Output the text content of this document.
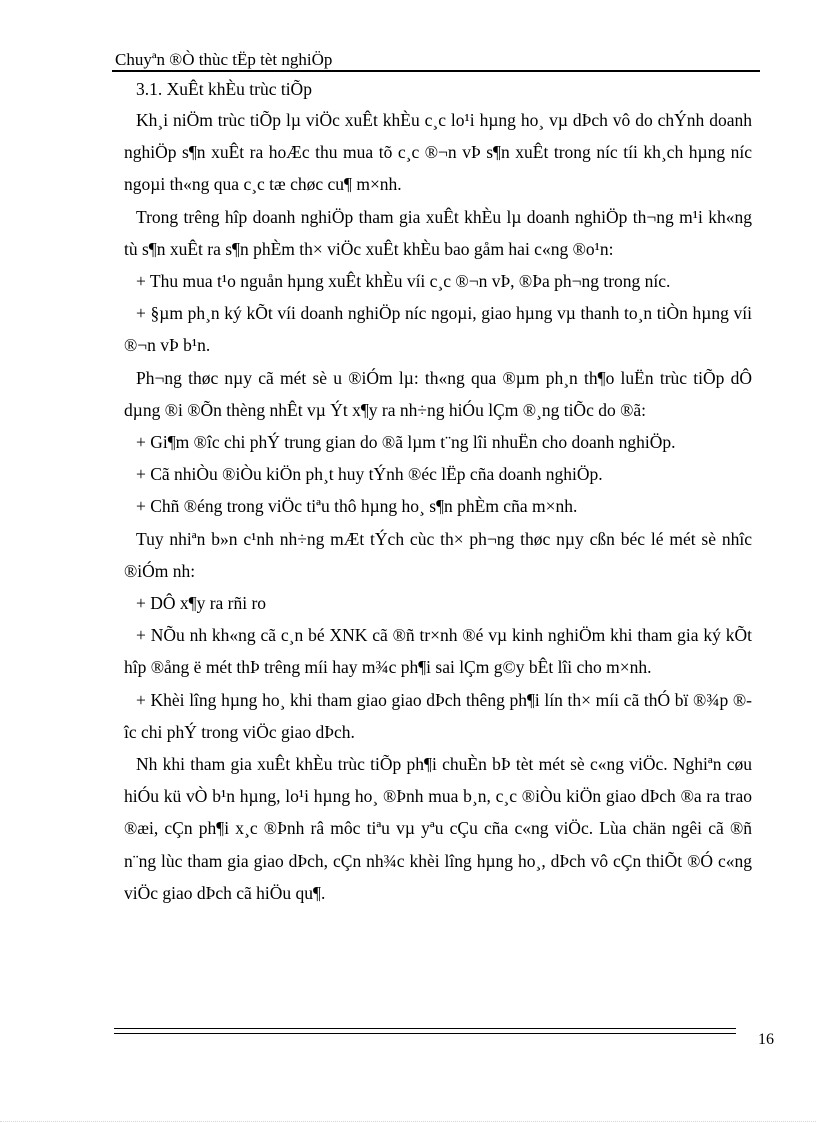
Chuyªn ®Ò thùc tËp tèt nghiÖp
3.1. XuÊt khÈu trùc tiÕp

Kh¸i niÖm trùc tiÕp lµ viÖc xuÊt khÈu c¸c lo¹i hµng ho¸ vµ dÞch vô do chÝnh doanh nghiÖp s¶n xuÊt ra hoÆc thu mua tõ c¸c ®¬n vÞ s¶n xuÊt trong níc tíi kh¸ch hµng níc ngoµi th«ng qua c¸c tæ chøc cu¶ m×nh.

Trong trêng hîp doanh nghiÖp tham gia xuÊt khÈu lµ doanh nghiÖp th¬ng m¹i kh«ng tù s¶n xuÊt ra s¶n phÈm th× viÖc xuÊt khÈu bao gåm hai c«ng ®o¹n:

+ Thu mua t¹o nguån hµng xuÊt khÈu víi c¸c ®¬n vÞ, ®Þa ph¬ng trong níc.

+ §µm ph¸n ký kÕt víi doanh nghiÖp níc ngoµi, giao hµng vµ thanh to¸n tiÒn hµng víi ®¬n vÞ b¹n.

Ph¬ng thøc nµy cã mét sè u ®iÓm lµ: th«ng qua ®µm ph¸n th¶o luËn trùc tiÕp dÔ dµng ®i ®Õn thèng nhÊt vµ Ýt x¶y ra nh÷ng hiÓu lÇm ®¸ng tiÕc do ®ã:

+ Gi¶m ®îc chi phÝ trung gian do ®ã lµm t¨ng lîi nhuËn cho doanh nghiÖp.

+ Cã nhiÒu ®iÒu kiÖn ph¸t huy tÝnh ®éc lËp cña doanh nghiÖp.

+ Chñ ®éng trong viÖc tiªu thô hµng ho¸ s¶n phÈm cña m×nh.

Tuy nhiªn b»n c¹nh nh÷ng mÆt tÝch cùc th× ph¬ng thøc nµy cßn béc lé mét sè nhîc ®iÓm nh:

+ DÔ x¶y ra rñi ro

+ NÕu nh kh«ng cã c¸n bé XNK cã ®ñ tr×nh ®é vµ kinh nghiÖm khi tham gia ký kÕt hîp ®ång ë mét thÞ trêng míi hay m¾c ph¶i sai lÇm g©y bÊt lîi cho m×nh.

+ Khèi lîng hµng ho¸ khi tham giao giao dÞch thêng ph¶i lín th× míi cã thÓ bï ®¾p ®îc chi phÝ trong viÖc giao dÞch.

Nh khi tham gia xuÊt khÈu trùc tiÕp ph¶i chuÈn bÞ tèt mét sè c«ng viÖc. Nghiªn cøu hiÓu kü vÒ b¹n hµng, lo¹i hµng ho¸ ®Þnh mua b¸n, c¸c ®iÒu kiÖn giao dÞch ®a ra trao ®æi, cÇn ph¶i x¸c ®Þnh râ môc tiªu vµ yªu cÇu cña c«ng viÖc. Lùa chän ngêi cã ®ñ n¨ng lùc tham gia giao dÞch, cÇn nh¾c khèi lîng hµng ho¸, dÞch vô cÇn thiÕt ®Ó c«ng viÖc giao dÞch cã hiÖu qu¶.

16
